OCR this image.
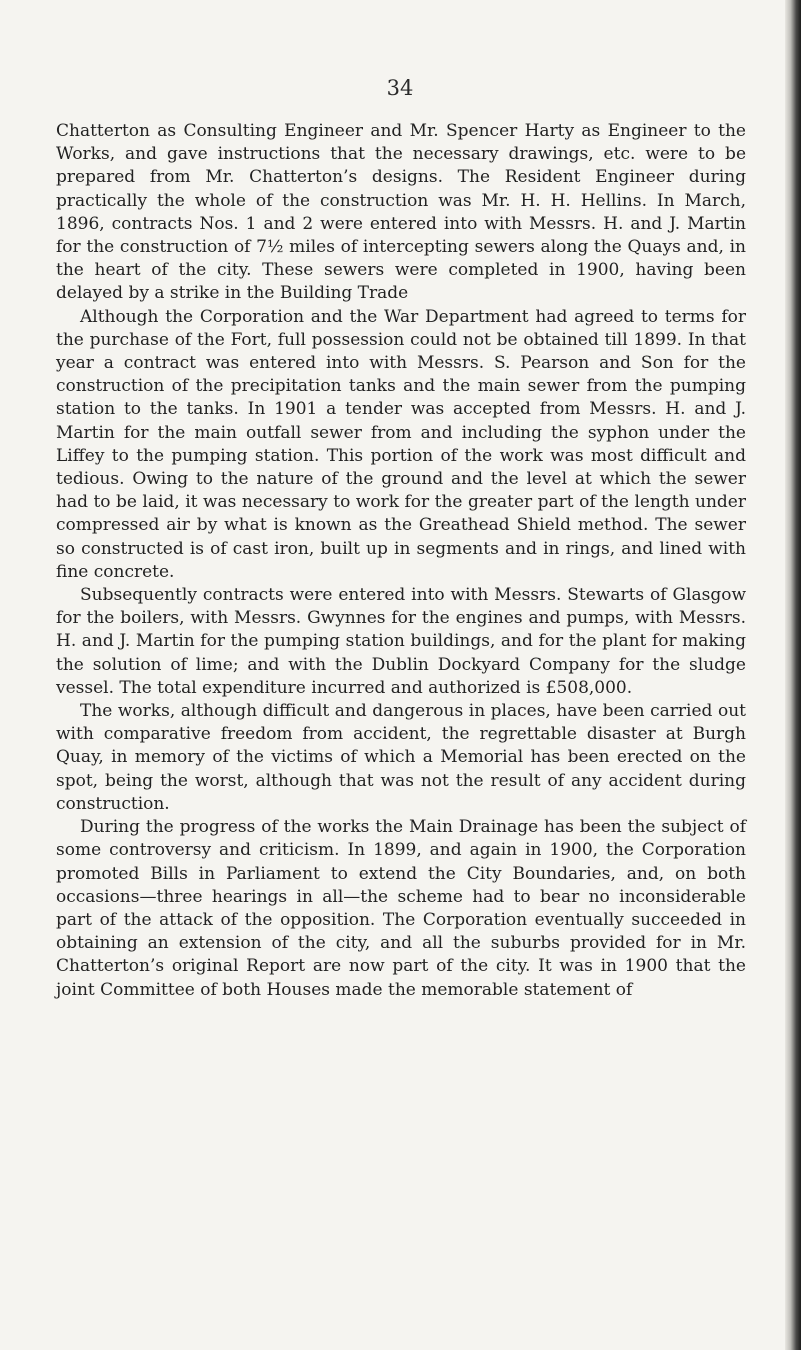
34

Chatterton as Consulting Engineer and Mr. Spencer Harty as Engineer to the Works, and gave instructions that the necessary drawings, etc. were to be prepared from Mr. Chatterton’s designs. The Resident Engineer during practically the whole of the construction was Mr. H. H. Hellins. In March, 1896, contracts Nos. 1 and 2 were entered into with Messrs. H. and J. Martin for the construction of 7½ miles of intercepting sewers along the Quays and, in the heart of the city. These sewers were completed in 1900, having been delayed by a strike in the Building Trade

Although the Corporation and the War Department had agreed to terms for the purchase of the Fort, full possession could not be obtained till 1899. In that year a contract was entered into with Messrs. S. Pearson and Son for the construction of the precipitation tanks and the main sewer from the pumping station to the tanks. In 1901 a tender was accepted from Messrs. H. and J. Martin for the main outfall sewer from and including the syphon under the Liffey to the pumping station. This portion of the work was most difficult and tedious. Owing to the nature of the ground and the level at which the sewer had to be laid, it was necessary to work for the greater part of the length under compressed air by what is known as the Greathead Shield method. The sewer so constructed is of cast iron, built up in segments and in rings, and lined with fine concrete.

Subsequently contracts were entered into with Messrs. Stewarts of Glasgow for the boilers, with Messrs. Gwynnes for the engines and pumps, with Messrs. H. and J. Martin for the pumping station buildings, and for the plant for making the solution of lime; and with the Dublin Dockyard Company for the sludge vessel. The total expenditure incurred and authorized is £508,000.

The works, although difficult and dangerous in places, have been carried out with comparative freedom from accident, the regrettable disaster at Burgh Quay, in memory of the victims of which a Memorial has been erected on the spot, being the worst, although that was not the result of any accident during construction.

During the progress of the works the Main Drainage has been the subject of some controversy and criticism. In 1899, and again in 1900, the Corporation promoted Bills in Parliament to extend the City Boundaries, and, on both occasions—three hearings in all—the scheme had to bear no inconsiderable part of the attack of the opposition. The Corporation eventually succeeded in obtaining an extension of the city, and all the suburbs provided for in Mr. Chatterton’s original Report are now part of the city. It was in 1900 that the joint Committee of both Houses made the memorable statement of
